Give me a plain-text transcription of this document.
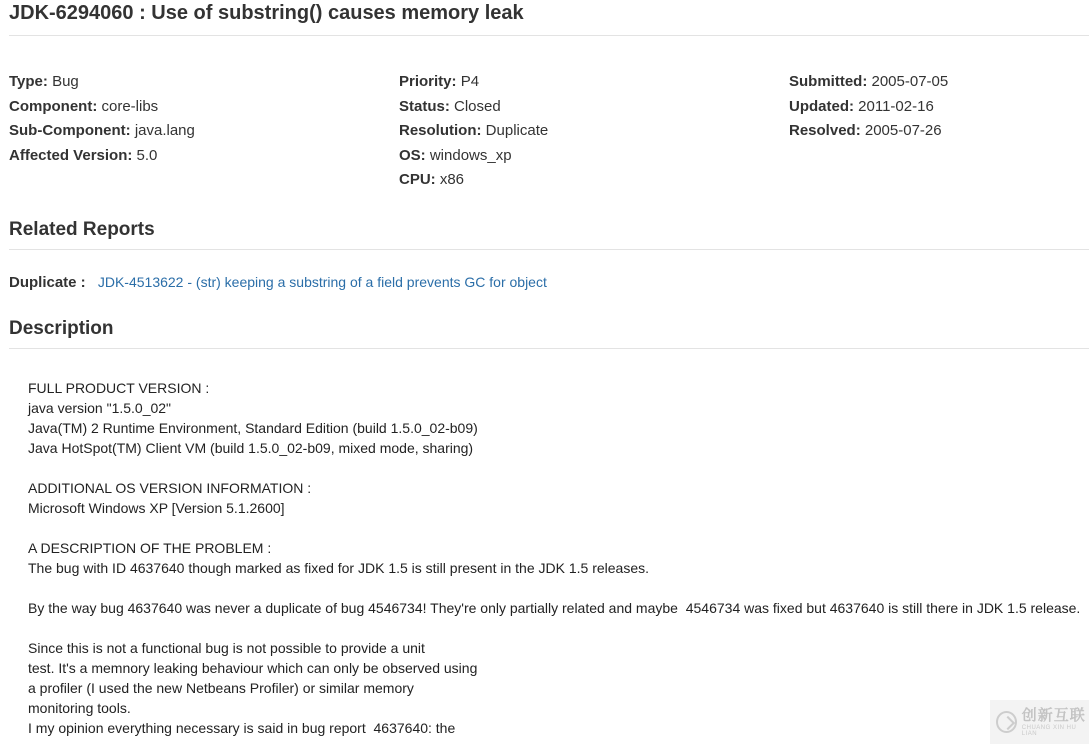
JDK-6294060 : Use of substring() causes memory leak
Type: Bug
Component: core-libs
Sub-Component: java.lang
Affected Version: 5.0
Priority: P4
Status: Closed
Resolution: Duplicate
OS: windows_xp
CPU: x86
Submitted: 2005-07-05
Updated: 2011-02-16
Resolved: 2005-07-26
Related Reports
Duplicate : JDK-4513622 - (str) keeping a substring of a field prevents GC for object
Description
FULL PRODUCT VERSION :
java version "1.5.0_02"
Java(TM) 2 Runtime Environment, Standard Edition (build 1.5.0_02-b09)
Java HotSpot(TM) Client VM (build 1.5.0_02-b09, mixed mode, sharing)

ADDITIONAL OS VERSION INFORMATION :
Microsoft Windows XP [Version 5.1.2600]

A DESCRIPTION OF THE PROBLEM :
The bug with ID 4637640 though marked as fixed for JDK 1.5 is still present in the JDK 1.5 releases.

By the way bug 4637640 was never a duplicate of bug 4546734! They're only partially related and maybe  4546734 was fixed but 4637640 is still there in JDK 1.5 release.

Since this is not a functional bug is not possible to provide a unit
test. It's a memnory leaking behaviour which can only be observed using
a profiler (I used the new Netbeans Profiler) or similar memory
monitoring tools.
I my opinion everything necessary is said in bug report  4637640: the
创新互联
CHUANG XIN HU LIAN
